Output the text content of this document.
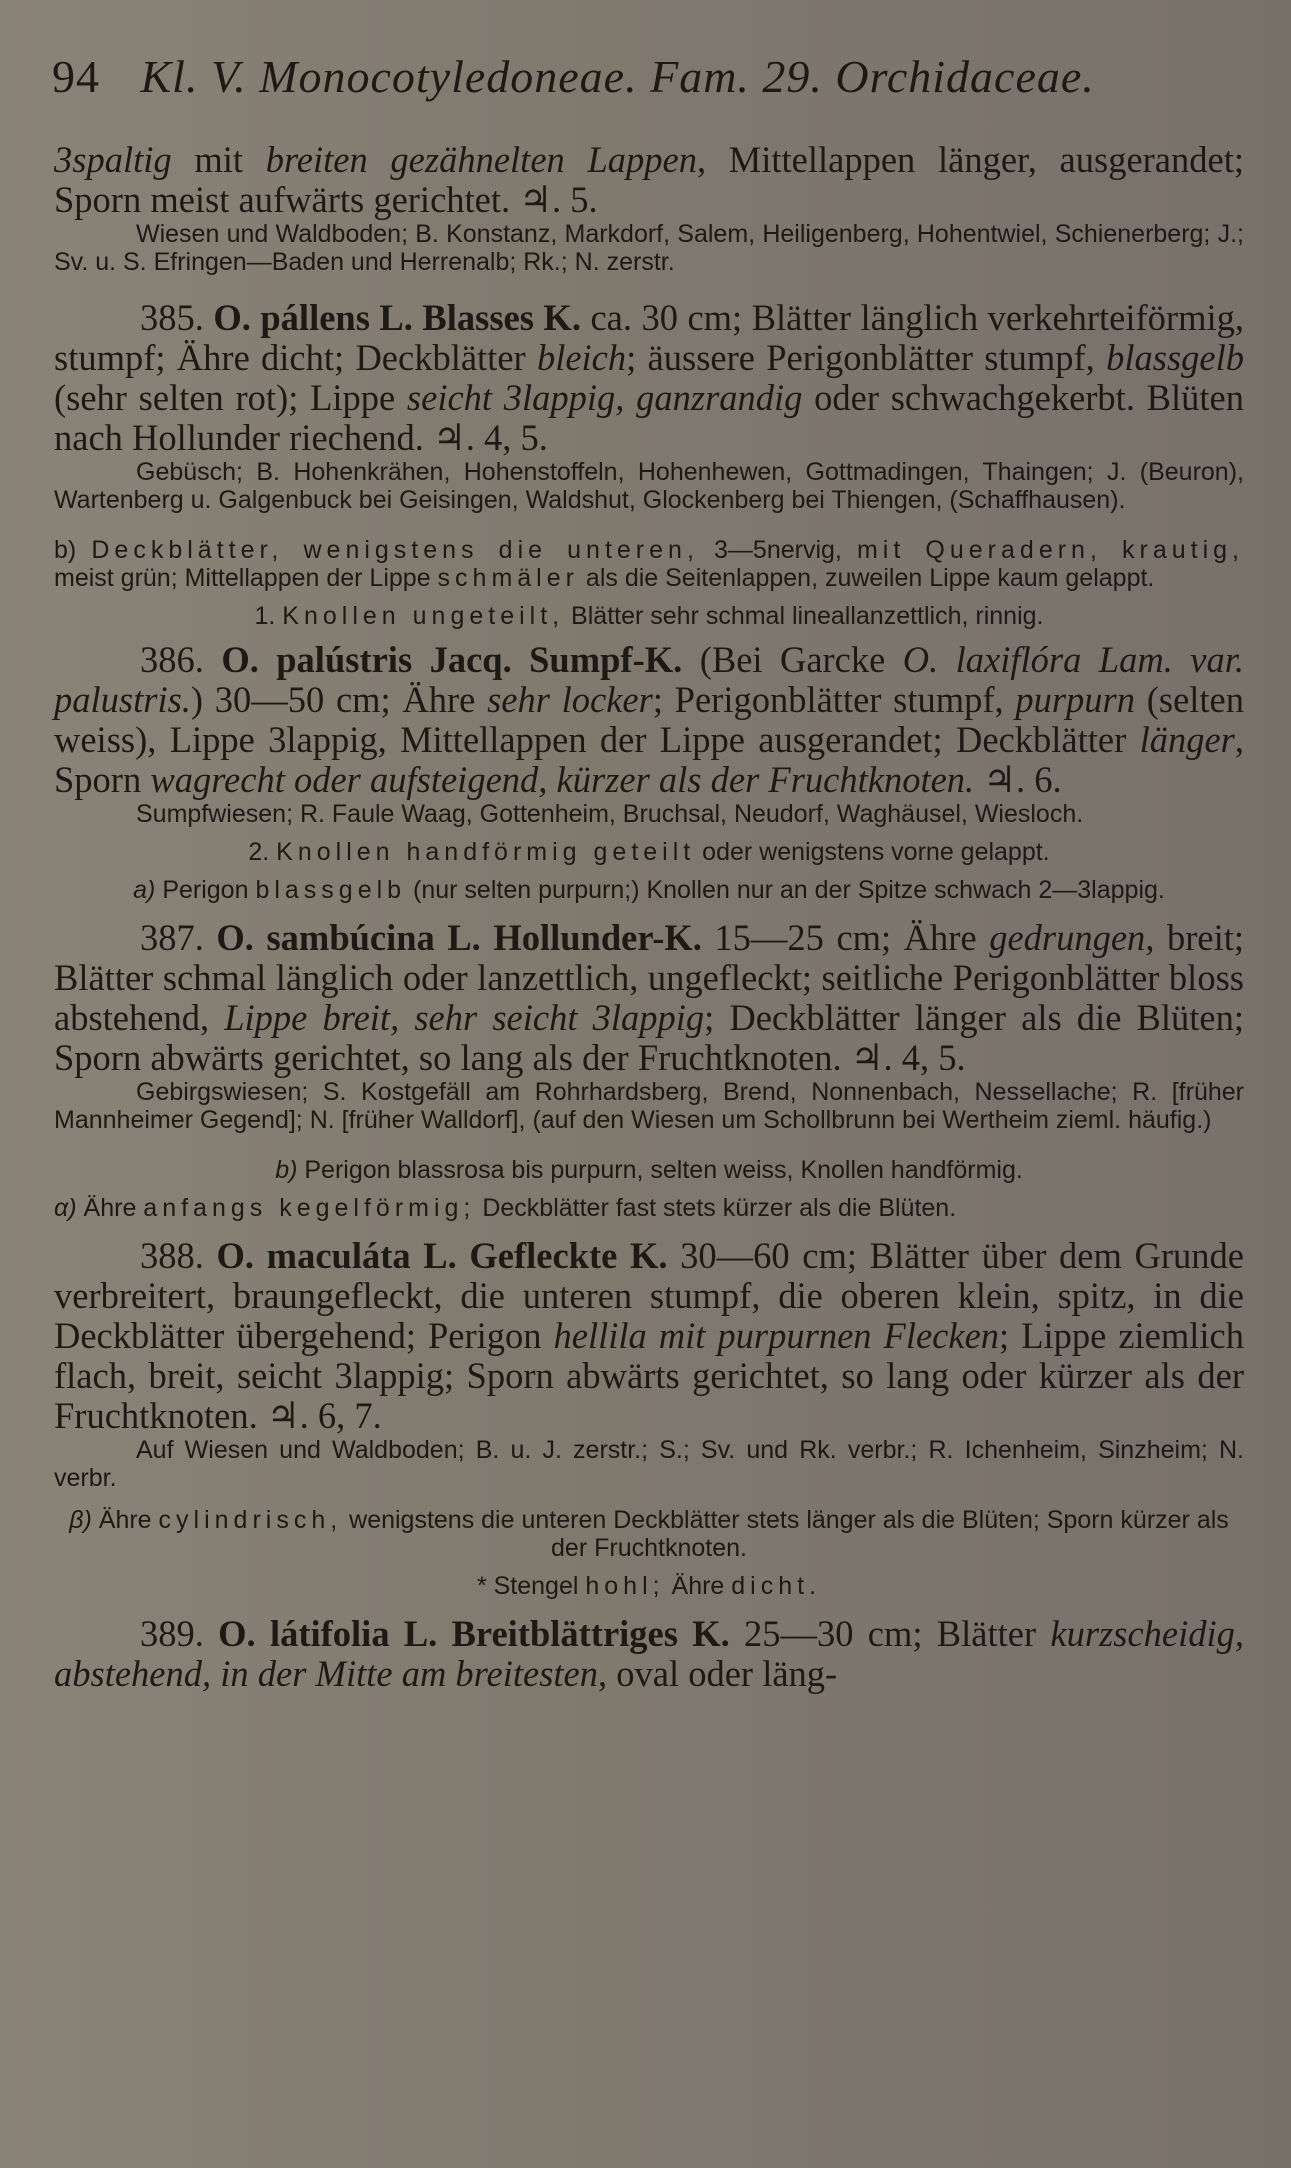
94 Kl. V. Monocotyledoneae. Fam. 29. Orchidaceae.

3spaltig mit breiten gezähnelten Lappen, Mittellappen länger, ausgerandet; Sporn meist aufwärts gerichtet. ♃. 5.

Wiesen und Waldboden; B. Konstanz, Markdorf, Salem, Heiligenberg, Hohentwiel, Schienerberg; J.; Sv. u. S. Efringen—Baden und Herrenalb; Rk.; N. zerstr.

385. O. pállens L. Blasses K. ca. 30 cm; Blätter länglich verkehrteiförmig, stumpf; Ähre dicht; Deckblätter bleich; äussere Perigonblätter stumpf, blassgelb (sehr selten rot); Lippe seicht 3lappig, ganzrandig oder schwachgekerbt. Blüten nach Hollunder riechend. ♃. 4, 5.

Gebüsch; B. Hohenkrähen, Hohenstoffeln, Hohenhewen, Gottmadingen, Thaingen; J. (Beuron), Wartenberg u. Galgenbuck bei Geisingen, Waldshut, Glockenberg bei Thiengen, (Schaffhausen).

b) Deckblätter, wenigstens die unteren, 3—5nervig, mit Queradern, krautig, meist grün; Mittellappen der Lippe schmäler als die Seitenlappen, zuweilen Lippe kaum gelappt.

1. Knollen ungeteilt, Blätter sehr schmal lineallanzettlich, rinnig.

386. O. palústris Jacq. Sumpf-K. (Bei Garcke O. laxiflóra Lam. var. palustris.) 30—50 cm; Ähre sehr locker; Perigonblätter stumpf, purpurn (selten weiss), Lippe 3lappig, Mittellappen der Lippe ausgerandet; Deckblätter länger, Sporn wagrecht oder aufsteigend, kürzer als der Fruchtknoten. ♃. 6.

Sumpfwiesen; R. Faule Waag, Gottenheim, Bruchsal, Neudorf, Waghäusel, Wiesloch.

2. Knollen handförmig geteilt oder wenigstens vorne gelappt.

a) Perigon blassgelb (nur selten purpurn;) Knollen nur an der Spitze schwach 2—3lappig.

387. O. sambúcina L. Hollunder-K. 15—25 cm; Ähre gedrungen, breit; Blätter schmal länglich oder lanzettlich, ungefleckt; seitliche Perigonblätter bloss abstehend, Lippe breit, sehr seicht 3lappig; Deckblätter länger als die Blüten; Sporn abwärts gerichtet, so lang als der Fruchtknoten. ♃. 4, 5.

Gebirgswiesen; S. Kostgefäll am Rohrhardsberg, Brend, Nonnenbach, Nessellache; R. [früher Mannheimer Gegend]; N. [früher Walldorf], (auf den Wiesen um Schollbrunn bei Wertheim zieml. häufig.)

b) Perigon blassrosa bis purpurn, selten weiss, Knollen handförmig.

α) Ähre anfangs kegelförmig; Deckblätter fast stets kürzer als die Blüten.

388. O. maculáta L. Gefleckte K. 30—60 cm; Blätter über dem Grunde verbreitert, braungefleckt, die unteren stumpf, die oberen klein, spitz, in die Deckblätter übergehend; Perigon hellila mit purpurnen Flecken; Lippe ziemlich flach, breit, seicht 3lappig; Sporn abwärts gerichtet, so lang oder kürzer als der Fruchtknoten. ♃. 6, 7.

Auf Wiesen und Waldboden; B. u. J. zerstr.; S.; Sv. und Rk. verbr.; R. Ichenheim, Sinzheim; N. verbr.

β) Ähre cylindrisch, wenigstens die unteren Deckblätter stets länger als die Blüten; Sporn kürzer als der Fruchtknoten.

* Stengel hohl; Ähre dicht.

389. O. látifolia L. Breitblättriges K. 25—30 cm; Blätter kurzscheidig, abstehend, in der Mitte am breitesten, oval oder läng-
